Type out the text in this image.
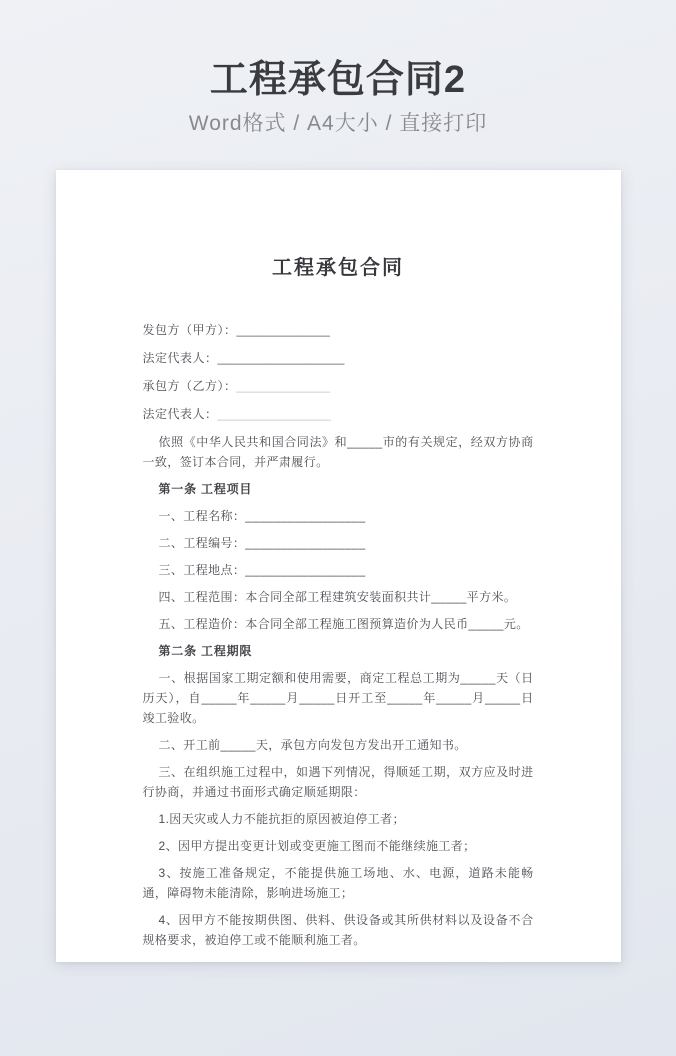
工程承包合同2

Word格式 / A4大小 / 直接打印

工程承包合同

发包方（甲方）：______________

法定代表人：___________________

承包方（乙方）：______________

法定代表人：_________________

依照《中华人民共和国合同法》和_____市的有关规定，经双方协商一致，签订本合同，并严肃履行。

第一条 工程项目

一、工程名称：_________________

二、工程编号：_________________

三、工程地点：_________________

四、工程范围：本合同全部工程建筑安装面积共计_____平方米。

五、工程造价：本合同全部工程施工图预算造价为人民币_____元。

第二条 工程期限

一、根据国家工期定额和使用需要，商定工程总工期为_____天（日历天），自_____年_____月_____日开工至_____年_____月_____日竣工验收。

二、开工前_____天，承包方向发包方发出开工通知书。

三、在组织施工过程中，如遇下列情况，得顺延工期，双方应及时进行协商，并通过书面形式确定顺延期限：

1.因天灾或人力不能抗拒的原因被迫停工者；

2、因甲方提出变更计划或变更施工图而不能继续施工者；

3、按施工准备规定，不能提供施工场地、水、电源，道路未能畅通，障碍物未能清除，影响进场施工；

4、因甲方不能按期供图、供料、供设备或其所供材料以及设备不合规格要求，被迫停工或不能顺利施工者。
